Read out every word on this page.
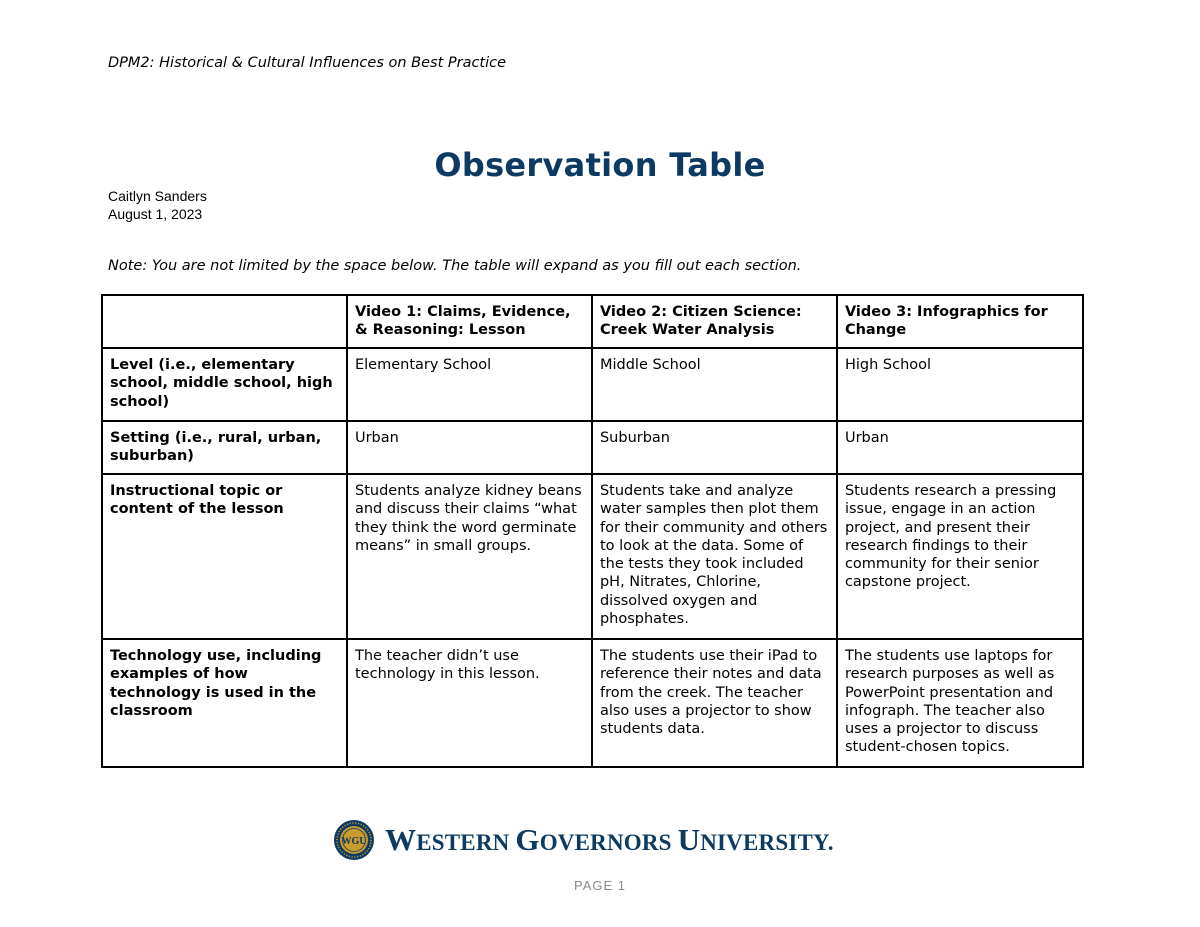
DPM2: Historical & Cultural Influences on Best Practice
Observation Table
Caitlyn Sanders
August 1, 2023
Note: You are not limited by the space below. The table will expand as you fill out each section.
	Video 1: Claims, Evidence, & Reasoning: Lesson	Video 2: Citizen Science: Creek Water Analysis	Video 3: Infographics for Change
Level (i.e., elementary school, middle school, high school)	Elementary School	Middle School	High School
Setting (i.e., rural, urban, suburban)	Urban	Suburban	Urban
Instructional topic or content of the lesson	Students analyze kidney beans and discuss their claims “what they think the word germinate means” in small groups.	Students take and analyze water samples then plot them for their community and others to look at the data. Some of the tests they took included pH, Nitrates, Chlorine, dissolved oxygen and phosphates.	Students research a pressing issue, engage in an action project, and present their research findings to their community for their senior capstone project.
Technology use, including examples of how technology is used in the classroom	The teacher didn’t use technology in this lesson.	The students use their iPad to reference their notes and data from the creek. The teacher also uses a projector to show students data.	The students use laptops for research purposes as well as PowerPoint presentation and infograph. The teacher also uses a projector to discuss student-chosen topics.
WGU WESTERN GOVERNORS UNIVERSITY.
PAGE 1
